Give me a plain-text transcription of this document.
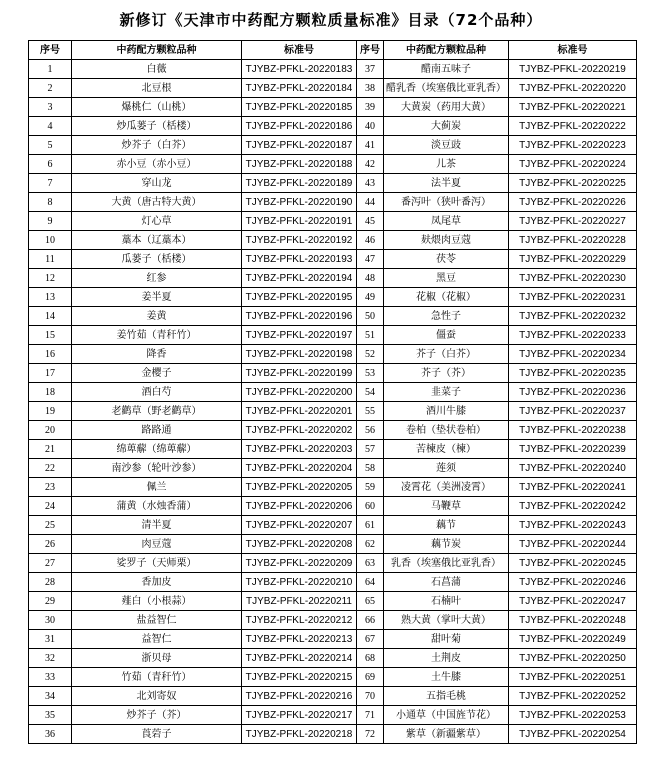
新修订《天津市中药配方颗粒质量标准》目录（72个品种）
序号	中药配方颗粒品种	标准号	序号	中药配方颗粒品种	标准号
1	白薇	TJYBZ-PFKL-20220183	37	醋南五味子	TJYBZ-PFKL-20220219
2	北豆根	TJYBZ-PFKL-20220184	38	醋乳香（埃塞俄比亚乳香）	TJYBZ-PFKL-20220220
3	爆桃仁（山桃）	TJYBZ-PFKL-20220185	39	大黄炭（药用大黄）	TJYBZ-PFKL-20220221
4	炒瓜蒌子（栝楼）	TJYBZ-PFKL-20220186	40	大蓟炭	TJYBZ-PFKL-20220222
5	炒芥子（白芥）	TJYBZ-PFKL-20220187	41	淡豆豉	TJYBZ-PFKL-20220223
6	赤小豆（赤小豆）	TJYBZ-PFKL-20220188	42	儿茶	TJYBZ-PFKL-20220224
7	穿山龙	TJYBZ-PFKL-20220189	43	法半夏	TJYBZ-PFKL-20220225
8	大黄（唐古特大黄）	TJYBZ-PFKL-20220190	44	番泻叶（狭叶番泻）	TJYBZ-PFKL-20220226
9	灯心草	TJYBZ-PFKL-20220191	45	凤尾草	TJYBZ-PFKL-20220227
10	藁本（辽藁本）	TJYBZ-PFKL-20220192	46	麸煨肉豆蔻	TJYBZ-PFKL-20220228
11	瓜蒌子（栝楼）	TJYBZ-PFKL-20220193	47	茯苓	TJYBZ-PFKL-20220229
12	红参	TJYBZ-PFKL-20220194	48	黑豆	TJYBZ-PFKL-20220230
13	姜半夏	TJYBZ-PFKL-20220195	49	花椒（花椒）	TJYBZ-PFKL-20220231
14	姜黄	TJYBZ-PFKL-20220196	50	急性子	TJYBZ-PFKL-20220232
15	姜竹茹（青秆竹）	TJYBZ-PFKL-20220197	51	僵蚕	TJYBZ-PFKL-20220233
16	降香	TJYBZ-PFKL-20220198	52	芥子（白芥）	TJYBZ-PFKL-20220234
17	金樱子	TJYBZ-PFKL-20220199	53	芥子（芥）	TJYBZ-PFKL-20220235
18	酒白芍	TJYBZ-PFKL-20220200	54	韭菜子	TJYBZ-PFKL-20220236
19	老鹳草（野老鹳草）	TJYBZ-PFKL-20220201	55	酒川牛膝	TJYBZ-PFKL-20220237
20	路路通	TJYBZ-PFKL-20220202	56	卷柏（垫状卷柏）	TJYBZ-PFKL-20220238
21	绵萆薢（绵萆薢）	TJYBZ-PFKL-20220203	57	苦楝皮（楝）	TJYBZ-PFKL-20220239
22	南沙参（轮叶沙参）	TJYBZ-PFKL-20220204	58	莲须	TJYBZ-PFKL-20220240
23	佩兰	TJYBZ-PFKL-20220205	59	凌霄花（美洲凌霄）	TJYBZ-PFKL-20220241
24	蒲黄（水烛香蒲）	TJYBZ-PFKL-20220206	60	马鞭草	TJYBZ-PFKL-20220242
25	清半夏	TJYBZ-PFKL-20220207	61	藕节	TJYBZ-PFKL-20220243
26	肉豆蔻	TJYBZ-PFKL-20220208	62	藕节炭	TJYBZ-PFKL-20220244
27	娑罗子（天师栗）	TJYBZ-PFKL-20220209	63	乳香（埃塞俄比亚乳香）	TJYBZ-PFKL-20220245
28	香加皮	TJYBZ-PFKL-20220210	64	石菖蒲	TJYBZ-PFKL-20220246
29	薤白（小根蒜）	TJYBZ-PFKL-20220211	65	石楠叶	TJYBZ-PFKL-20220247
30	盐益智仁	TJYBZ-PFKL-20220212	66	熟大黄（掌叶大黄）	TJYBZ-PFKL-20220248
31	益智仁	TJYBZ-PFKL-20220213	67	甜叶菊	TJYBZ-PFKL-20220249
32	浙贝母	TJYBZ-PFKL-20220214	68	土荆皮	TJYBZ-PFKL-20220250
33	竹茹（青秆竹）	TJYBZ-PFKL-20220215	69	土牛膝	TJYBZ-PFKL-20220251
34	北刘寄奴	TJYBZ-PFKL-20220216	70	五指毛桃	TJYBZ-PFKL-20220252
35	炒芥子（芥）	TJYBZ-PFKL-20220217	71	小通草（中国旌节花）	TJYBZ-PFKL-20220253
36	莨菪子	TJYBZ-PFKL-20220218	72	紫草（新疆紫草）	TJYBZ-PFKL-20220254
